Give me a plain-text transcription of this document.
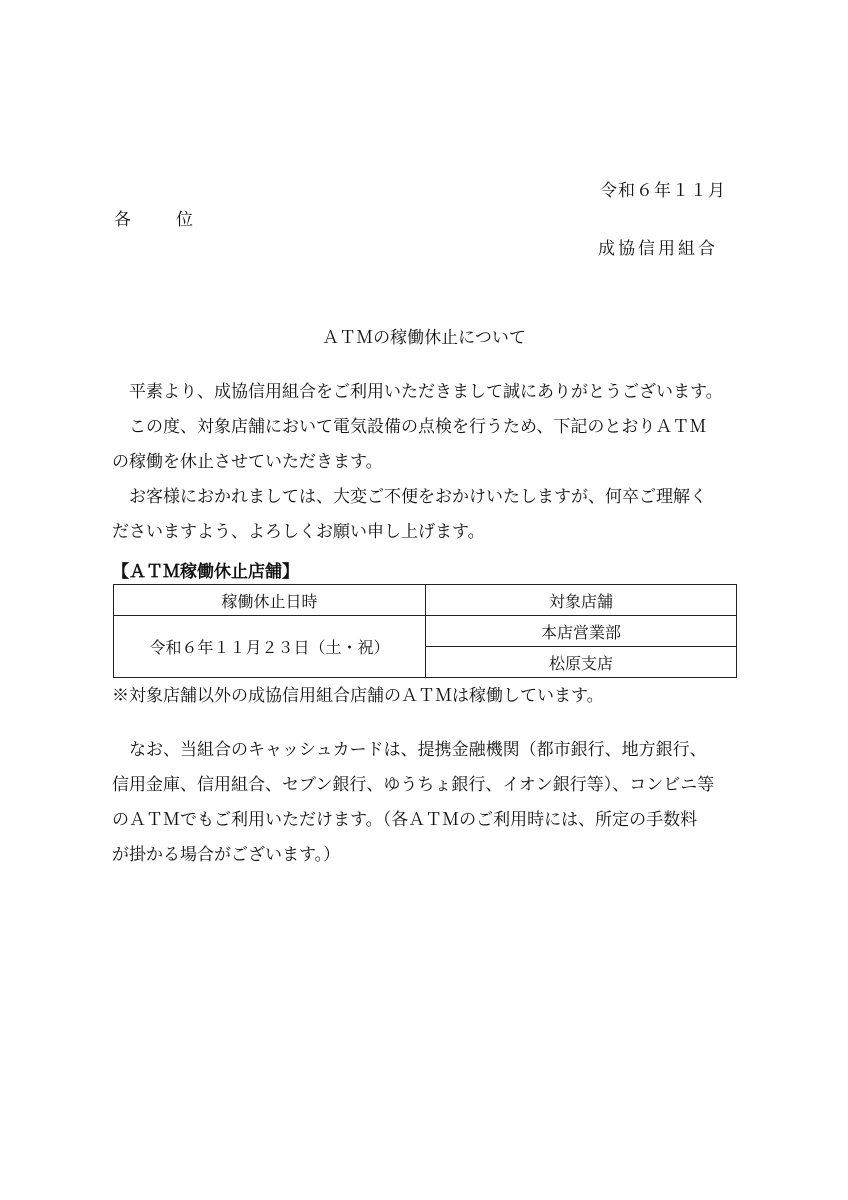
令和６年１１月
各	位
成協信用組合
ＡＴＭの稼働休止について

平素より、成協信用組合をご利用いただきまして誠にありがとうございます。

この度、対象店舗において電気設備の点検を行うため、下記のとおりＡＴＭ

の稼働を休止させていただきます。

お客様におかれましては、大変ご不便をおかけいたしますが、何卒ご理解く

ださいますよう、よろしくお願い申し上げます。

【ＡＴＭ稼働休止店舗】
稼働休止日時	対象店舗
令和６年１１月２３日（土・祝）	本店営業部
	松原支店
※対象店舗以外の成協信用組合店舗のＡＴＭは稼働しています。

なお、当組合のキャッシュカードは、提携金融機関（都市銀行、地方銀行、

信用金庫、信用組合、セブン銀行、ゆうちょ銀行、イオン銀行等）、コンビニ等

のＡＴＭでもご利用いただけます。（各ＡＴＭのご利用時には、所定の手数料

が掛かる場合がございます。）
